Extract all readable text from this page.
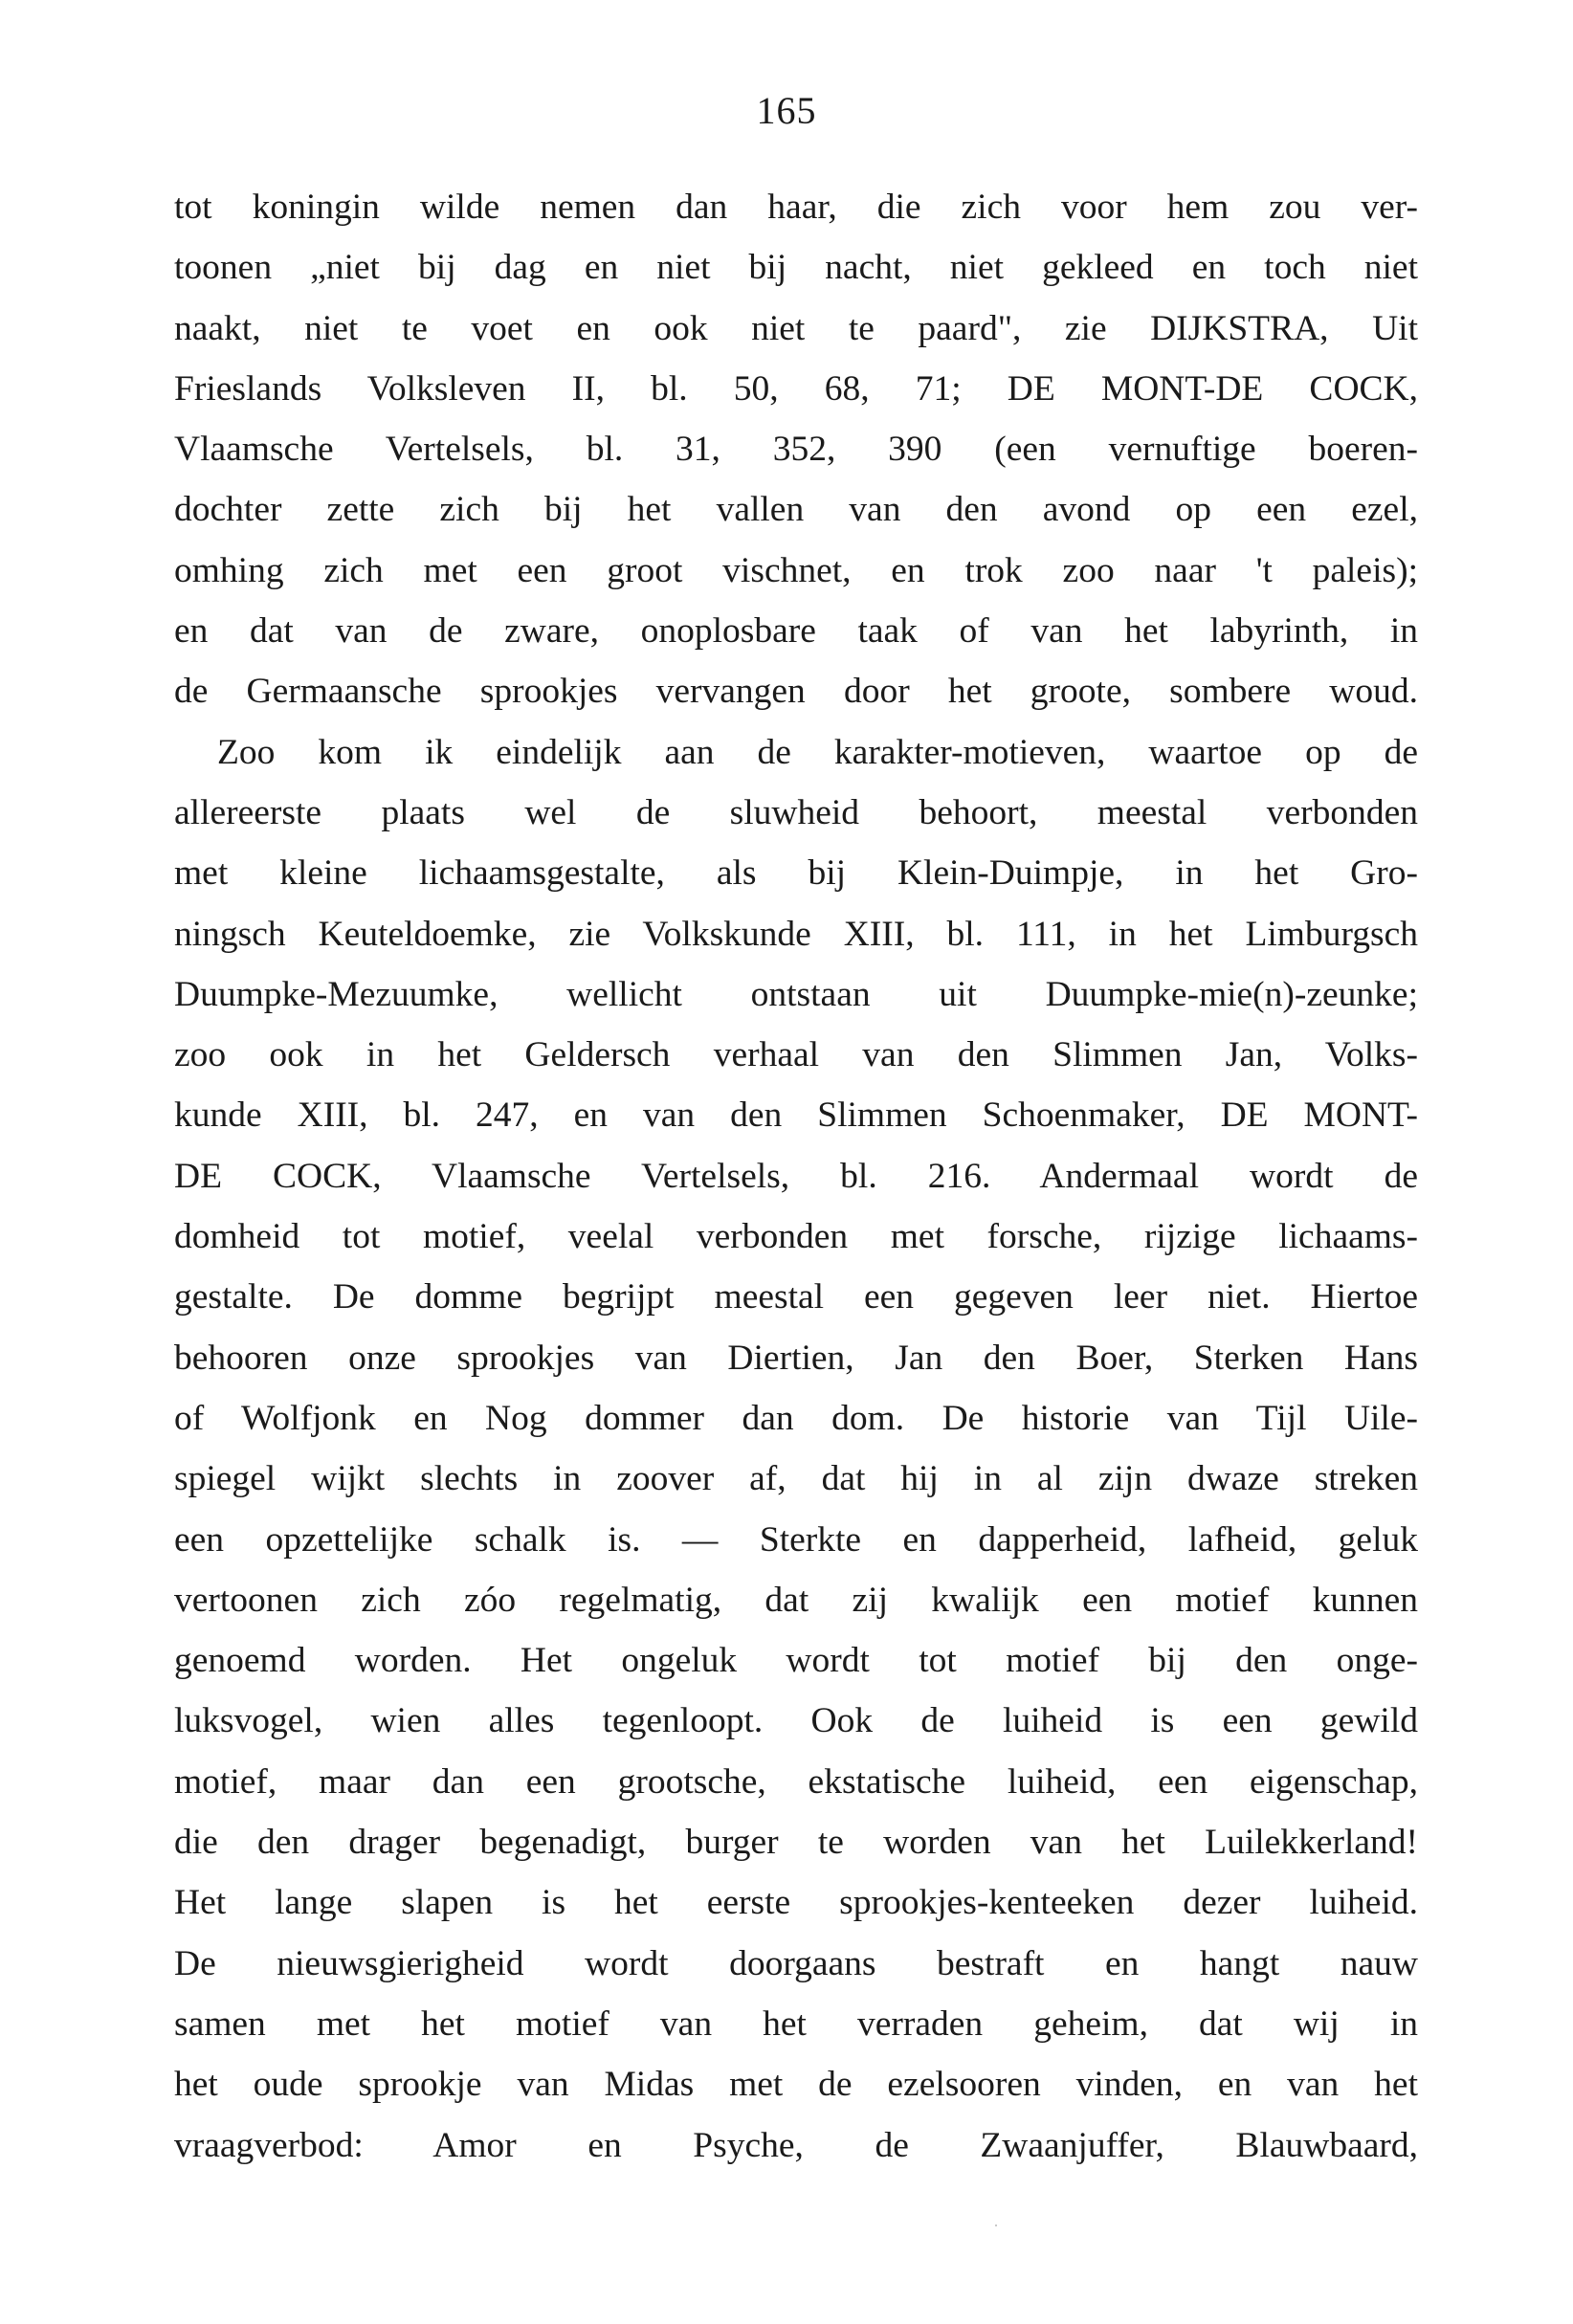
165
tot koningin wilde nemen dan haar, die zich voor hem zou ver-
toonen „niet bij dag en niet bij nacht, niet gekleed en toch niet
naakt, niet te voet en ook niet te paard", zie DIJKSTRA, Uit
Frieslands Volksleven II, bl. 50, 68, 71; DE MONT-DE COCK,
Vlaamsche Vertelsels, bl. 31, 352, 390 (een vernuftige boeren-
dochter zette zich bij het vallen van den avond op een ezel,
omhing zich met een groot vischnet, en trok zoo naar 't paleis);
en dat van de zware, onoplosbare taak of van het labyrinth, in
de Germaansche sprookjes vervangen door het groote, sombere woud.
Zoo kom ik eindelijk aan de karakter-motieven, waartoe op de
allereerste plaats wel de sluwheid behoort, meestal verbonden
met kleine lichaamsgestalte, als bij Klein-Duimpje, in het Gro-
ningsch Keuteldoemke, zie Volkskunde XIII, bl. 111, in het Limburgsch
Duumpke-Mezuumke, wellicht ontstaan uit Duumpke-mie(n)-zeunke;
zoo ook in het Geldersch verhaal van den Slimmen Jan, Volks-
kunde XIII, bl. 247, en van den Slimmen Schoenmaker, DE MONT-
DE COCK, Vlaamsche Vertelsels, bl. 216. Andermaal wordt de
domheid tot motief, veelal verbonden met forsche, rijzige lichaams-
gestalte. De domme begrijpt meestal een gegeven leer niet. Hiertoe
behooren onze sprookjes van Diertien, Jan den Boer, Sterken Hans
of Wolfjonk en Nog dommer dan dom. De historie van Tijl Uile-
spiegel wijkt slechts in zoover af, dat hij in al zijn dwaze streken
een opzettelijke schalk is. — Sterkte en dapperheid, lafheid, geluk
vertoonen zich zóo regelmatig, dat zij kwalijk een motief kunnen
genoemd worden. Het ongeluk wordt tot motief bij den onge-
luksvogel, wien alles tegenloopt. Ook de luiheid is een gewild
motief, maar dan een grootsche, ekstatische luiheid, een eigenschap,
die den drager begenadigt, burger te worden van het Luilekkerland!
Het lange slapen is het eerste sprookjes-kenteeken dezer luiheid.
De nieuwsgierigheid wordt doorgaans bestraft en hangt nauw
samen met het motief van het verraden geheim, dat wij in
het oude sprookje van Midas met de ezelsooren vinden, en van het
vraagverbod: Amor en Psyche, de Zwaanjuffer, Blauwbaard,
